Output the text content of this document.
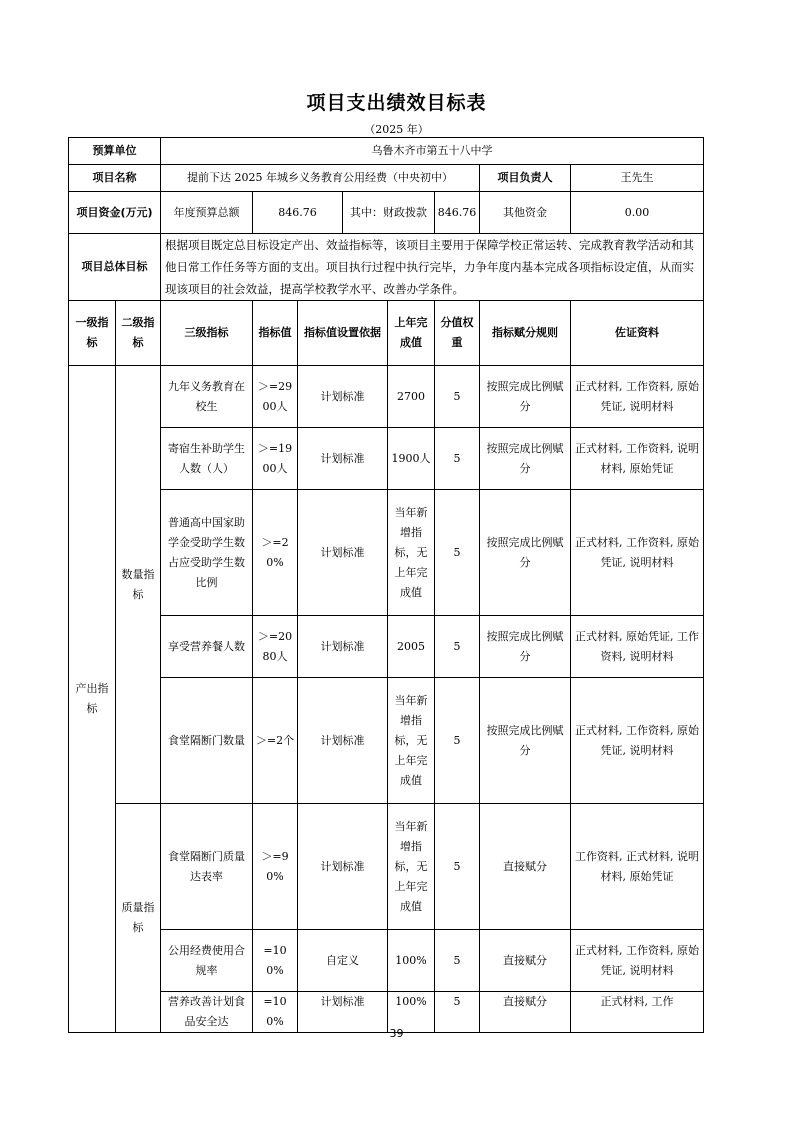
项目支出绩效目标表
（2025 年）
预算单位		乌鲁木齐市第五十八中学							
项目名称		提前下达 2025 年城乡义务教育公用经费（中央初中）						项目负责人	王先生
项目资金(万元)		年度预算总额	846.76		其中：财政拨款		846.76	其他资金	0.00
项目总体目标		根据项目既定总目标设定产出、效益指标等，该项目主要用于保障学校正常运转、完成教育教学活动和其他日常工作任务等方面的支出。项目执行过程中执行完毕，力争年度内基本完成各项指标设定值，从而实现该项目的社会效益，提高学校教学水平、改善办学条件。							
一级指标	二级指标	三级指标	指标值	指标值设置依据		上年完成值	分值权重	指标赋分规则	佐证资料
产出指标	数量指标	九年义务教育在校生	＞=2900人	计划标准		2700	5	按照完成比例赋分	正式材料, 工作资料, 原始凭证, 说明材料
		寄宿生补助学生人数（人）	＞=1900人	计划标准		1900人	5	按照完成比例赋分	正式材料, 工作资料, 说明材料, 原始凭证
		普通高中国家助学金受助学生数占应受助学生数比例	＞=20%	计划标准		当年新增指标，无上年完成值	5	按照完成比例赋分	正式材料, 工作资料, 原始凭证, 说明材料
		享受营养餐人数	＞=2080人	计划标准		2005	5	按照完成比例赋分	正式材料, 原始凭证, 工作资料, 说明材料
		食堂隔断门数量	＞=2个	计划标准		当年新增指标，无上年完成值	5	按照完成比例赋分	正式材料, 工作资料, 原始凭证, 说明材料
	质量指标	食堂隔断门质量达表率	＞=90%	计划标准		当年新增指标，无上年完成值	5	直接赋分	工作资料, 正式材料, 说明材料, 原始凭证
		公用经费使用合规率	=100%	自定义		100%	5	直接赋分	正式材料, 工作资料, 原始凭证, 说明材料
		营养改善计划食品安全达	=100%	计划标准		100%	5	直接赋分	正式材料, 工作
39
